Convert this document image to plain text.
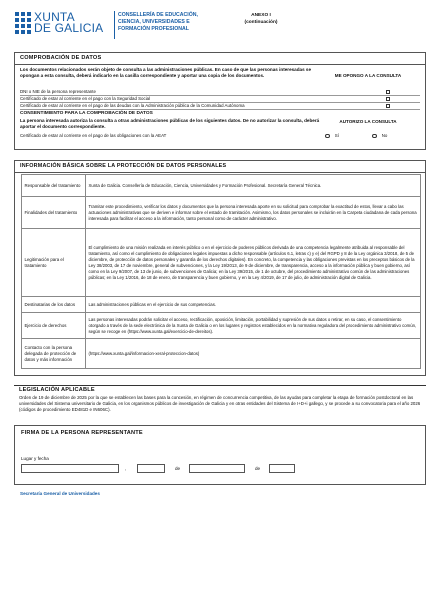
XUNTA
DE GALICIA
CONSELLERÍA DE EDUCACIÓN,
CIENCIA, UNIVERSIDADES E
FORMACIÓN PROFESIONAL
ANEXO I
(continuación)
COMPROBACIÓN DE DATOS
Los documentos relacionados serán objeto de consulta a las administraciones públicas. En caso de que las personas interesadas se opongan a esta consulta, deberá indicarlo en la casilla correspondiente y aportar una copia de los documentos.	ME OPONGO A LA CONSULTA
DNI o NIE de la persona representante
Certificado de estar al corriente en el pago con la Seguridad Social
Certificado de estar al corriente en el pago de las deudas con la Administración pública de la Comunidad Autónoma
CONSENTIMIENTO PARA LA COMPROBACIÓN DE DATOS
La persona interesada autoriza la consulta a otras administraciones públicas de los siguientes datos. De no autorizar la consulta, deberá aportar el documento correspondiente.
AUTORIZO LA CONSULTA
Certificado de estar al corriente en el pago de las obligaciones con la AEAT	Sí	No
INFORMACIÓN BÁSICA SOBRE LA PROTECCIÓN DE DATOS PERSONALES
Responsable del tratamiento	Xunta de Galicia. Consellería de Educación, Ciencia, Universidades y Formación Profesional. Secretaría General Técnica.
Finalidades del tratamiento	Tramitar este procedimiento, verificar los datos y documentos que la persona interesada aporte en su solicitud para comprobar la exactitud de estos, llevar a cabo las actuaciones administrativas que se deriven e informar sobre el estado de tramitación. Asimismo, los datos personales se incluirán en la Carpeta ciudadana de cada persona interesada para facilitar el acceso a la información, tanto personal como de carácter administrativo.
Legitimación para el tratamiento	El cumplimiento de una misión realizada en interés público o en el ejercicio de poderes públicos derivada de una competencia legalmente atribuida al responsable del tratamiento, así como el cumplimiento de obligaciones legales impuestas a dicho responsable (artículos 6.1, letras c) y e) del RGPD y 8 de la Ley orgánica 3/2018, de 5 de diciembre, de protección de datos personales y garantía de los derechos digitales). En concreto, la competencia y las obligaciones previstas en los preceptos básicos de la Ley 38/2003, de 17 de noviembre, general de subvenciones, y la Ley 19/2013, de 9 de diciembre, de transparencia, acceso a la información pública y buen gobierno, así como en la Ley 9/2007, de 13 de junio, de subvenciones de Galicia; en la Ley 39/2015, de 1 de octubre, del procedimiento administrativo común de las administraciones públicas; en la Ley 1/2016, de 18 de enero, de transparencia y buen gobierno, y en la Ley 4/2019, de 17 de julio, de administración digital de Galicia.
Destinatarias de los datos	Las administraciones públicas en el ejercicio de sus competencias.
Ejercicio de derechos	Las personas interesadas podrán solicitar el acceso, rectificación, oposición, limitación, portabilidad y supresión de sus datos o retirar, en su caso, el consentimiento otorgado a través de la sede electrónica de la Xunta de Galicia o en los lugares y registros establecidos en la normativa reguladora del procedimiento administrativo común, según se recoge en (https://www.xunta.gal/exercicio-de-dereitos).
Contacto con la persona delegada de protección de datos y más información	(https://www.xunta.gal/informacion-xeral-proteccion-datos)
LEGISLACIÓN APLICABLE
Orden de 19 de diciembre de 2025 por la que se establecen las bases para la concesión, en régimen de concurrencia competitiva, de las ayudas para completar la etapa de formación postdoctoral en las universidades del Sistema universitario de Galicia, en los organismos públicos de investigación de Galicia y en otras entidades del Sistema de I+D+i gallego, y se procede a su convocatoria para el año 2026 (códigos de procedimiento ED481D e IN606C).
FIRMA DE LA PERSONA REPRESENTANTE
Lugar y fecha
,	de	de
Secretaría General de Universidades
